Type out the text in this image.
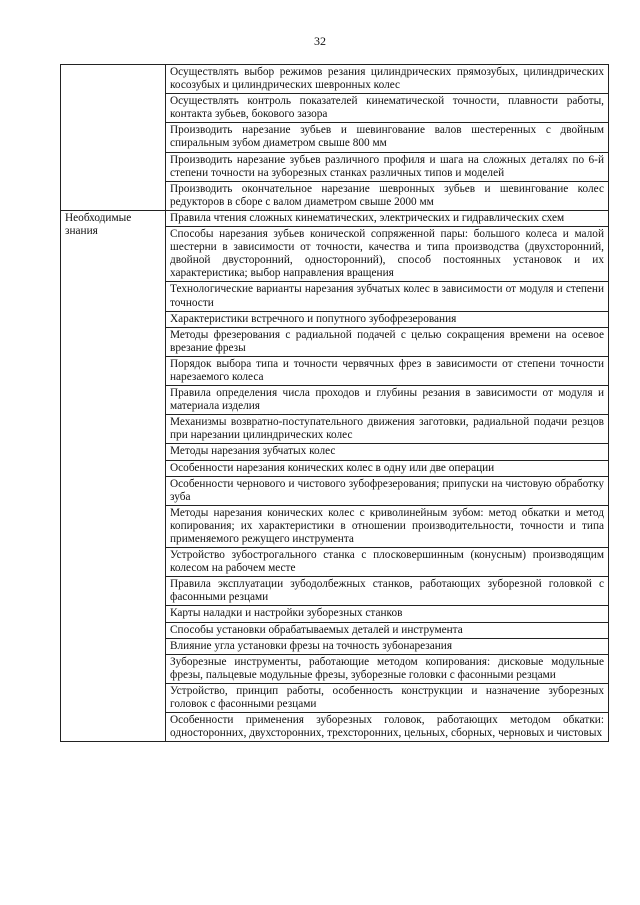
32
	Осуществлять выбор режимов резания цилиндрических прямозубых, цилиндрических косозубых и цилиндрических шевронных колес
	Осуществлять контроль показателей кинематической точности, плавности работы, контакта зубьев, бокового зазора
	Производить нарезание зубьев и шевингование валов шестеренных с двойным спиральным зубом диаметром свыше 800 мм
	Производить нарезание зубьев различного профиля и шага на сложных деталях по 6-й степени точности на зуборезных станках различных типов и моделей
	Производить окончательное нарезание шевронных зубьев и шевингование колес редукторов в сборе с валом диаметром свыше 2000 мм
Необходимые знания	Правила чтения сложных кинематических, электрических и гидравлических схем
	Способы нарезания зубьев конической сопряженной пары: большого колеса и малой шестерни в зависимости от точности, качества и типа производства (двухсторонний, двойной двусторонний, односторонний), способ постоянных установок и их характеристика; выбор направления вращения
	Технологические варианты нарезания зубчатых колес в зависимости от модуля и степени точности
	Характеристики встречного и попутного зубофрезерования
	Методы фрезерования с радиальной подачей с целью сокращения времени на осевое врезание фрезы
	Порядок выбора типа и точности червячных фрез в зависимости от степени точности нарезаемого колеса
	Правила определения числа проходов и глубины резания в зависимости от модуля и материала изделия
	Механизмы возвратно-поступательного движения заготовки, радиальной подачи резцов при нарезании цилиндрических колес
	Методы нарезания зубчатых колес
	Особенности нарезания конических колес в одну или две операции
	Особенности чернового и чистового зубофрезерования; припуски на чистовую обработку зуба
	Методы нарезания конических колес с криволинейным зубом: метод обкатки и метод копирования; их характеристики в отношении производительности, точности и типа применяемого режущего инструмента
	Устройство зубострогального станка с плосковершинным (конусным) производящим колесом на рабочем месте
	Правила эксплуатации зубодолбежных станков, работающих зуборезной головкой с фасонными резцами
	Карты наладки и настройки зуборезных станков
	Способы установки обрабатываемых деталей и инструмента
	Влияние угла установки фрезы на точность зубонарезания
	Зуборезные инструменты, работающие методом копирования: дисковые модульные фрезы, пальцевые модульные фрезы, зуборезные головки с фасонными резцами
	Устройство, принцип работы, особенность конструкции и назначение зуборезных головок с фасонными резцами
	Особенности применения зуборезных головок, работающих методом обкатки: односторонних, двухсторонних, трехсторонних, цельных, сборных, черновых и чистовых
